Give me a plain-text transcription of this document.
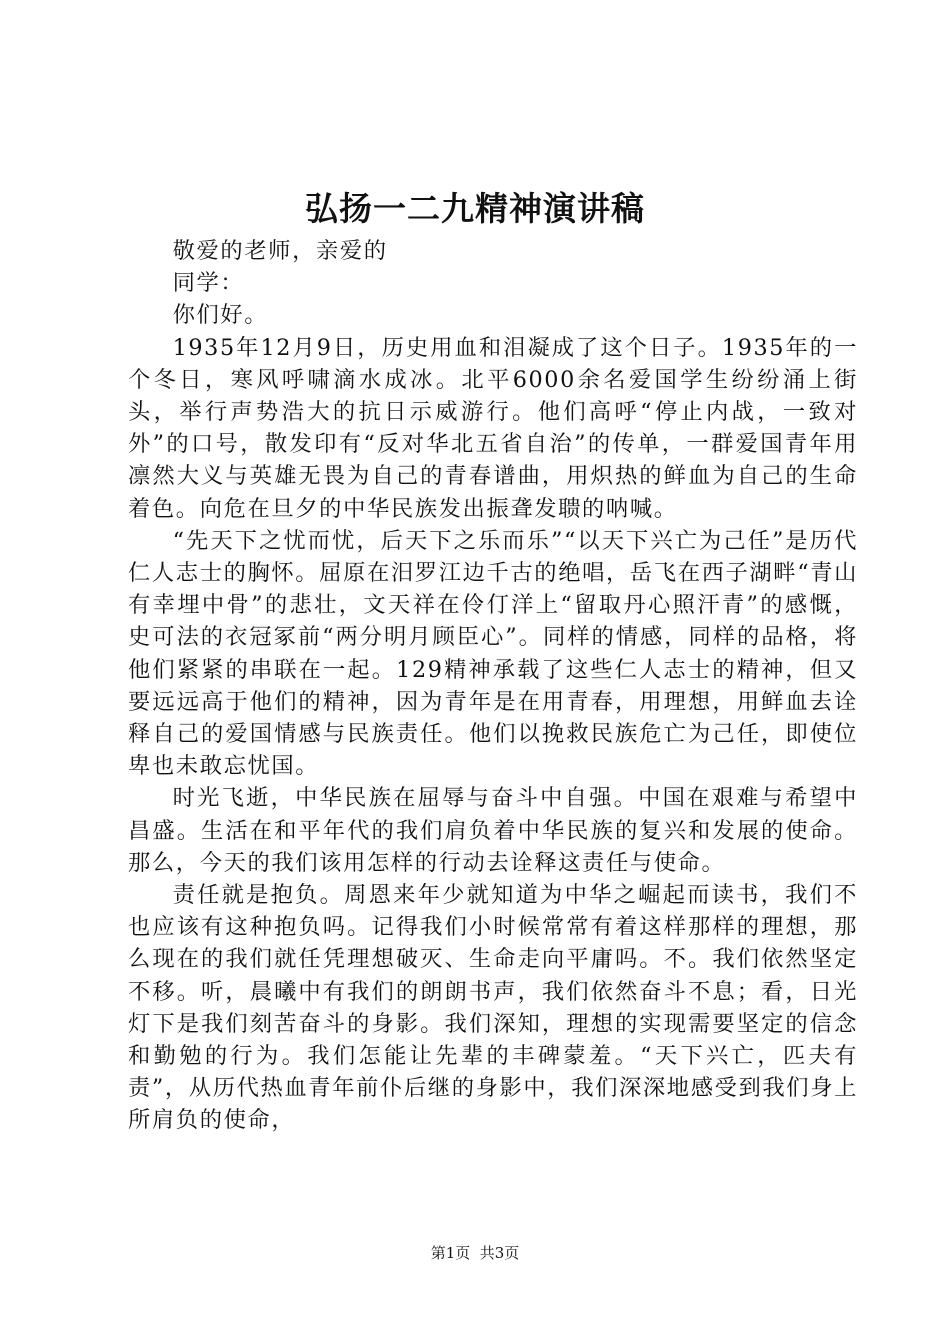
弘扬一二九精神演讲稿

敬爱的老师，亲爱的

同学：

你们好。

1935年12月9日，历史用血和泪凝成了这个日子。1935年的一个冬日，寒风呼啸滴水成冰。北平6000余名爱国学生纷纷涌上街头，举行声势浩大的抗日示威游行。他们高呼“停止内战，一致对外”的口号，散发印有“反对华北五省自治”的传单，一群爱国青年用凛然大义与英雄无畏为自己的青春谱曲，用炽热的鲜血为自己的生命着色。向危在旦夕的中华民族发出振聋发聩的呐喊。

“先天下之忧而忧，后天下之乐而乐”“以天下兴亡为己任”是历代仁人志士的胸怀。屈原在汨罗江边千古的绝唱，岳飞在西子湖畔“青山有幸埋中骨”的悲壮，文天祥在伶仃洋上“留取丹心照汗青”的感慨，史可法的衣冠冢前“两分明月顾臣心”。同样的情感，同样的品格，将他们紧紧的串联在一起。129精神承载了这些仁人志士的精神，但又要远远高于他们的精神，因为青年是在用青春，用理想，用鲜血去诠释自己的爱国情感与民族责任。他们以挽救民族危亡为己任，即使位卑也未敢忘忧国。

时光飞逝，中华民族在屈辱与奋斗中自强。中国在艰难与希望中昌盛。生活在和平年代的我们肩负着中华民族的复兴和发展的使命。那么，今天的我们该用怎样的行动去诠释这责任与使命。

责任就是抱负。周恩来年少就知道为中华之崛起而读书，我们不也应该有这种抱负吗。记得我们小时候常常有着这样那样的理想，那么现在的我们就任凭理想破灭、生命走向平庸吗。不。我们依然坚定不移。听，晨曦中有我们的朗朗书声，我们依然奋斗不息；看，日光灯下是我们刻苦奋斗的身影。我们深知，理想的实现需要坚定的信念和勤勉的行为。我们怎能让先辈的丰碑蒙羞。“天下兴亡，匹夫有责”，从历代热血青年前仆后继的身影中，我们深深地感受到我们身上所肩负的使命，

第1页  共3页
